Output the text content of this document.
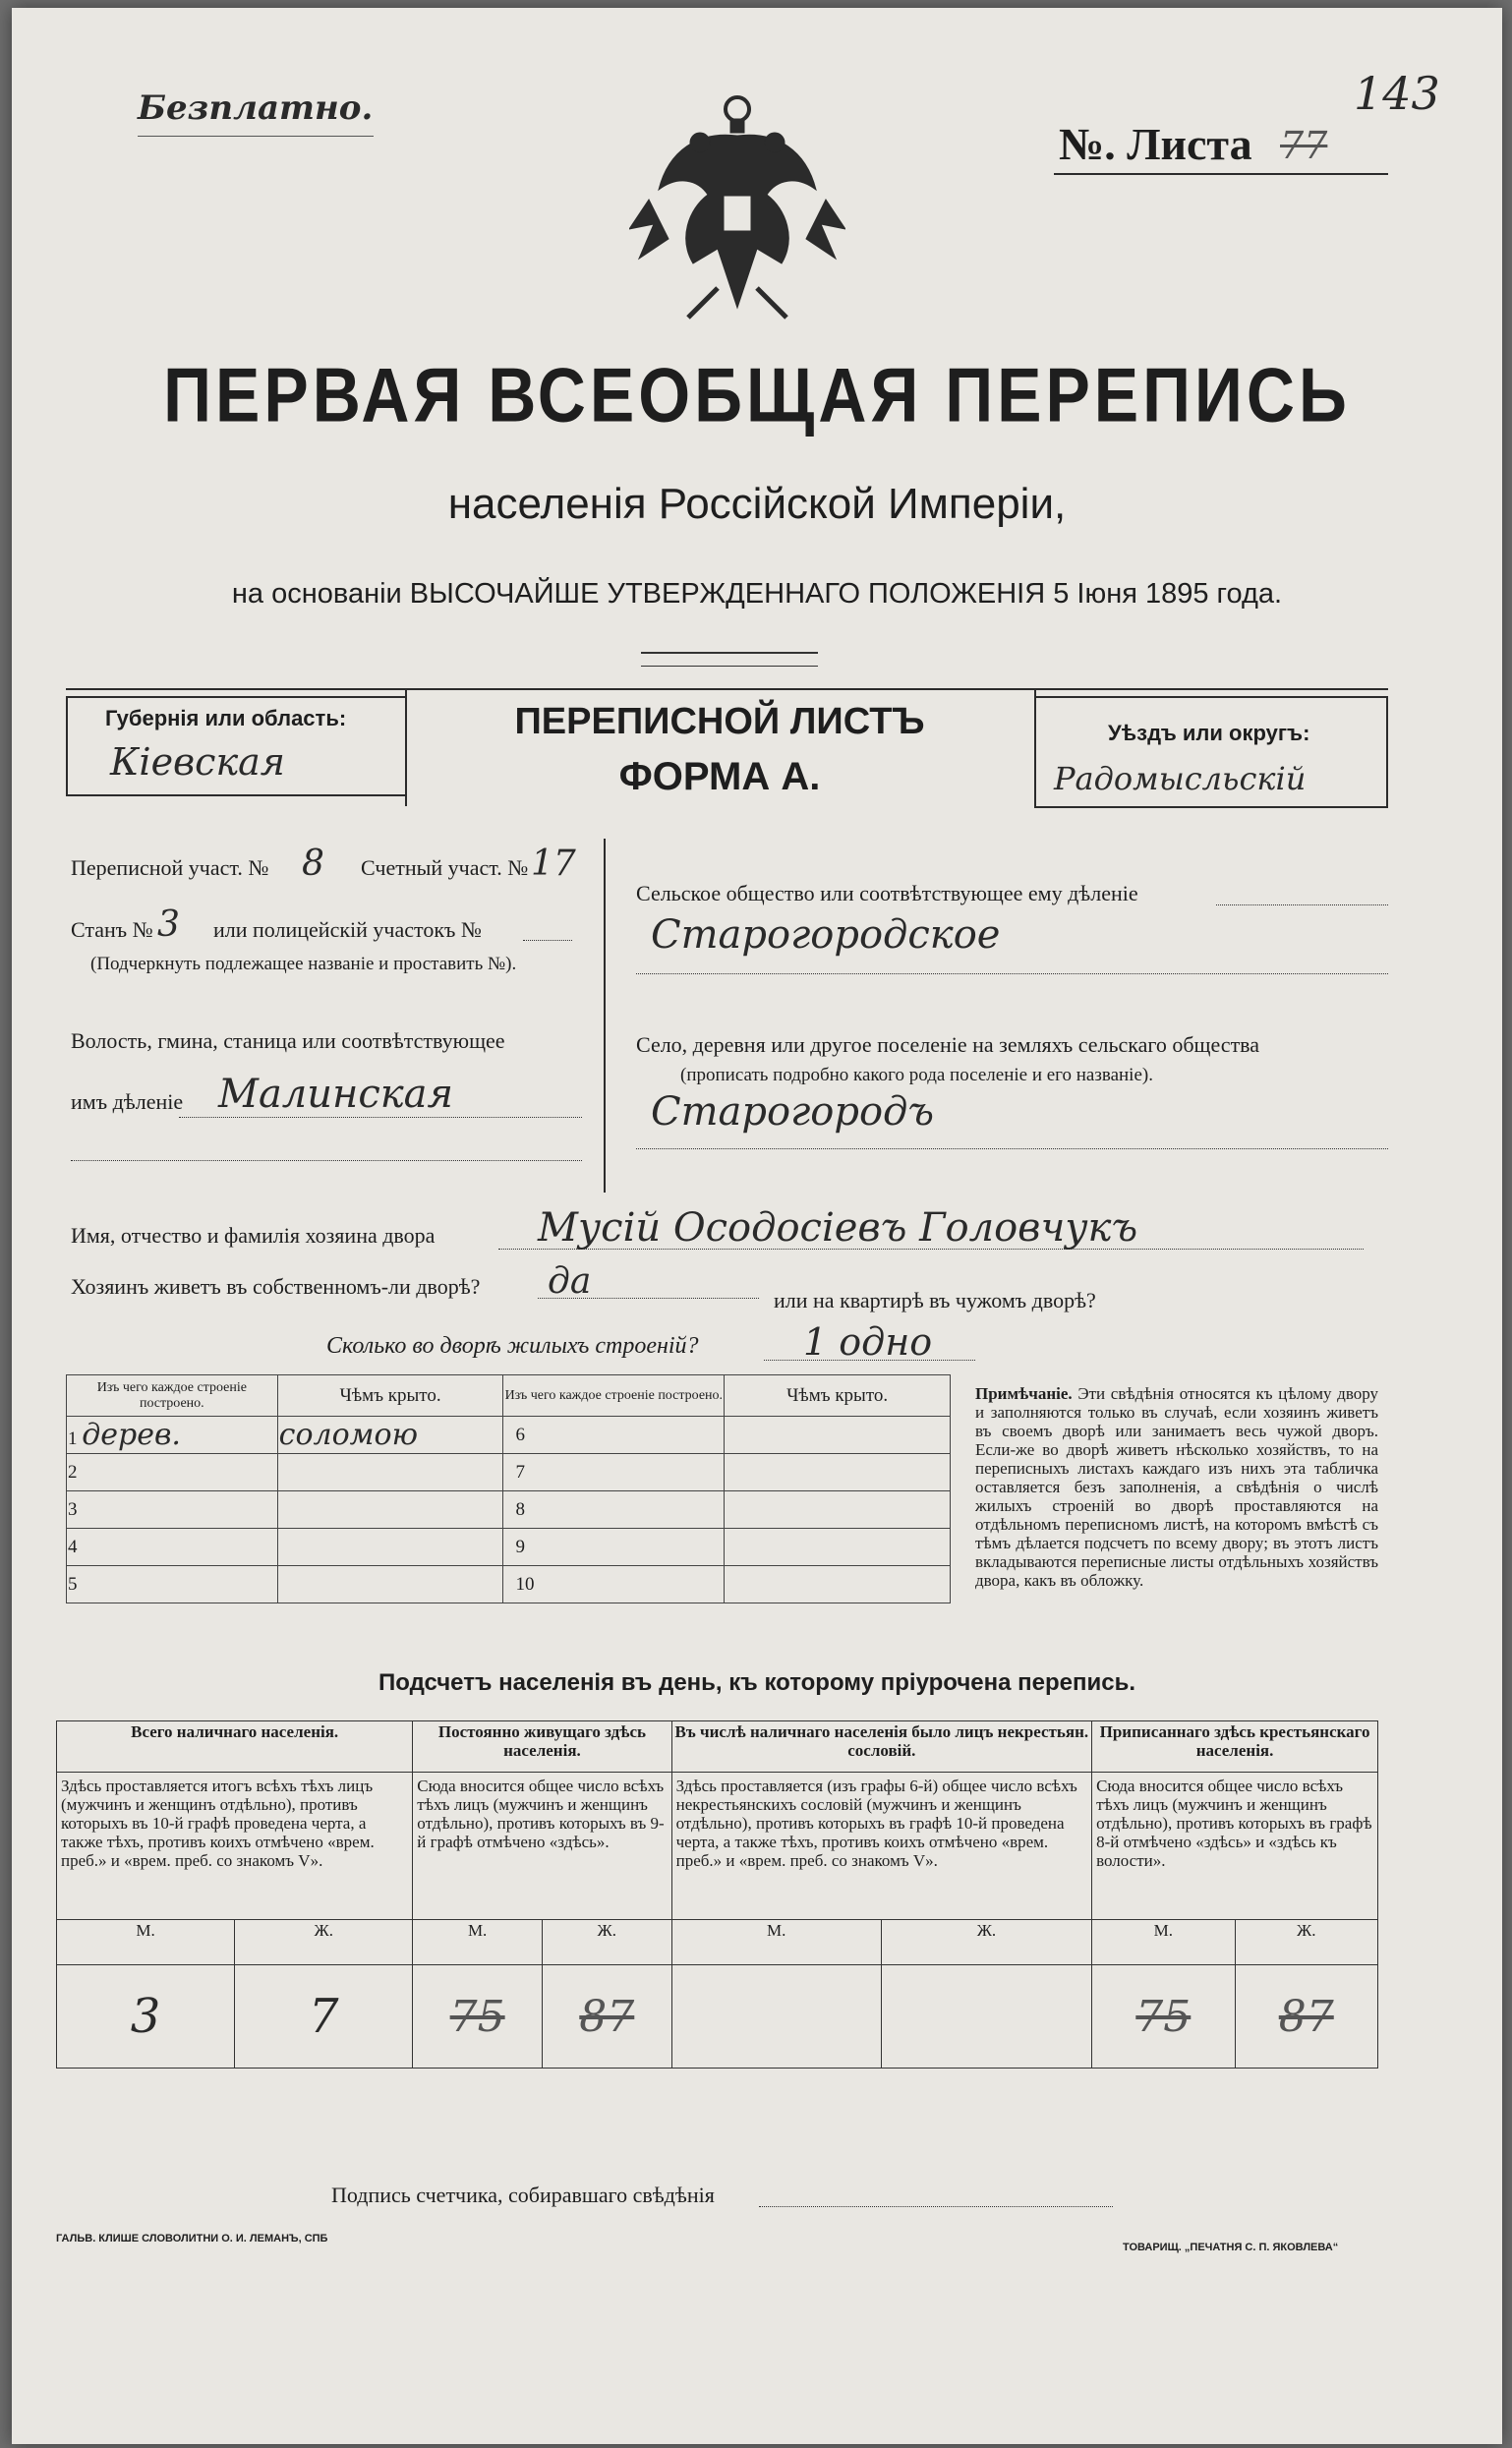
Безплатно.
№. Листа 77
143
ПЕРВАЯ ВСЕОБЩАЯ ПЕРЕПИСЬ
населенія Россійской Имперіи,
на основаніи ВЫСОЧАЙШЕ УТВЕРЖДЕННАГО ПОЛОЖЕНІЯ 5 Іюня 1895 года.
Губернія или область:
Кіевская
ПЕРЕПИСНОЙ ЛИСТЪ
ФОРМА А.
Уѣздъ или округъ:
Радомысльскій
Переписной участ. № 8 Счетный участ. № 17
Станъ № 3 или полицейскій участокъ №
(Подчеркнуть подлежащее названіе и проставить №).
Волость, гмина, станица или соотвѣтствующее
имъ дѣленіе Малинская
Сельское общество или соотвѣтствующее ему дѣленіе
Старогородское
Село, деревня или другое поселеніе на земляхъ сельскаго общества
(прописать подробно какого рода поселеніе и его названіе).
Старогородъ
Имя, отчество и фамилія хозяина двора	Мусій Осодосіевъ Головчукъ
Хозяинъ живетъ въ собственномъ-ли дворѣ? да	или на квартирѣ въ чужомъ дворѣ?
Сколько во дворѣ жилыхъ строеній?	1 одно
Изъ чего каждое строеніе построено.	Чѣмъ крыто.	Изъ чего каждое строеніе построено.	Чѣмъ крыто.
1 дерев.	соломою	6	
2		7	
3		8	
4		9	
5		10	
Примѣчаніе. Эти свѣдѣнія относятся къ цѣлому двору и заполняются только въ случаѣ, если хозяинъ живетъ въ своемъ дворѣ или занимаетъ весь чужой дворъ. Если-же во дворѣ живетъ нѣсколько хозяйствъ, то на переписныхъ листахъ каждаго изъ нихъ эта табличка оставляется безъ заполненія, а свѣдѣнія о числѣ жилыхъ строеній во дворѣ проставляются на отдѣльномъ переписномъ листѣ, на которомъ вмѣстѣ съ тѣмъ дѣлается подсчетъ по всему двору; въ этотъ листъ вкладываются переписные листы отдѣльныхъ хозяйствъ двора, какъ въ обложку.
Подсчетъ населенія въ день, къ которому пріурочена перепись.
Всего наличнаго населенія.		Постоянно живущаго здѣсь населенія.		Въ числѣ наличнаго населенія было лицъ некрестьян. сословій.		Приписаннаго здѣсь крестьянскаго населенія.	
Здѣсь проставляется итогъ всѣхъ тѣхъ лицъ (мужчинъ и женщинъ отдѣльно), противъ которыхъ въ 10-й графѣ проведена черта, а также тѣхъ, противъ коихъ отмѣчено «врем. преб.» и «врем. преб. со знакомъ V».		Сюда вносится общее число всѣхъ тѣхъ лицъ (мужчинъ и женщинъ отдѣльно), противъ которыхъ въ 9-й графѣ отмѣчено «здѣсь».		Здѣсь проставляется (изъ графы 6-й) общее число всѣхъ некрестьянскихъ сословій (мужчинъ и женщинъ отдѣльно), противъ которыхъ въ графѣ 10-й проведена черта, а также тѣхъ, противъ коихъ отмѣчено «врем. преб.» и «врем. преб. со знакомъ V».		Сюда вносится общее число всѣхъ тѣхъ лицъ (мужчинъ и женщинъ отдѣльно), противъ которыхъ въ графѣ 8-й отмѣчено «здѣсь» и «здѣсь къ волости».	
М.	Ж.	М.	Ж.	М.	Ж.	М.	Ж.
3	7	75	87			75	87
Подпись счетчика, собиравшаго свѣдѣнія
ГАЛЬВ. КЛИШЕ СЛОВОЛИТНИ О. И. ЛЕМАНЪ, СПБ
ТОВАРИЩ. „ПЕЧАТНЯ С. П. ЯКОВЛЕВА“
